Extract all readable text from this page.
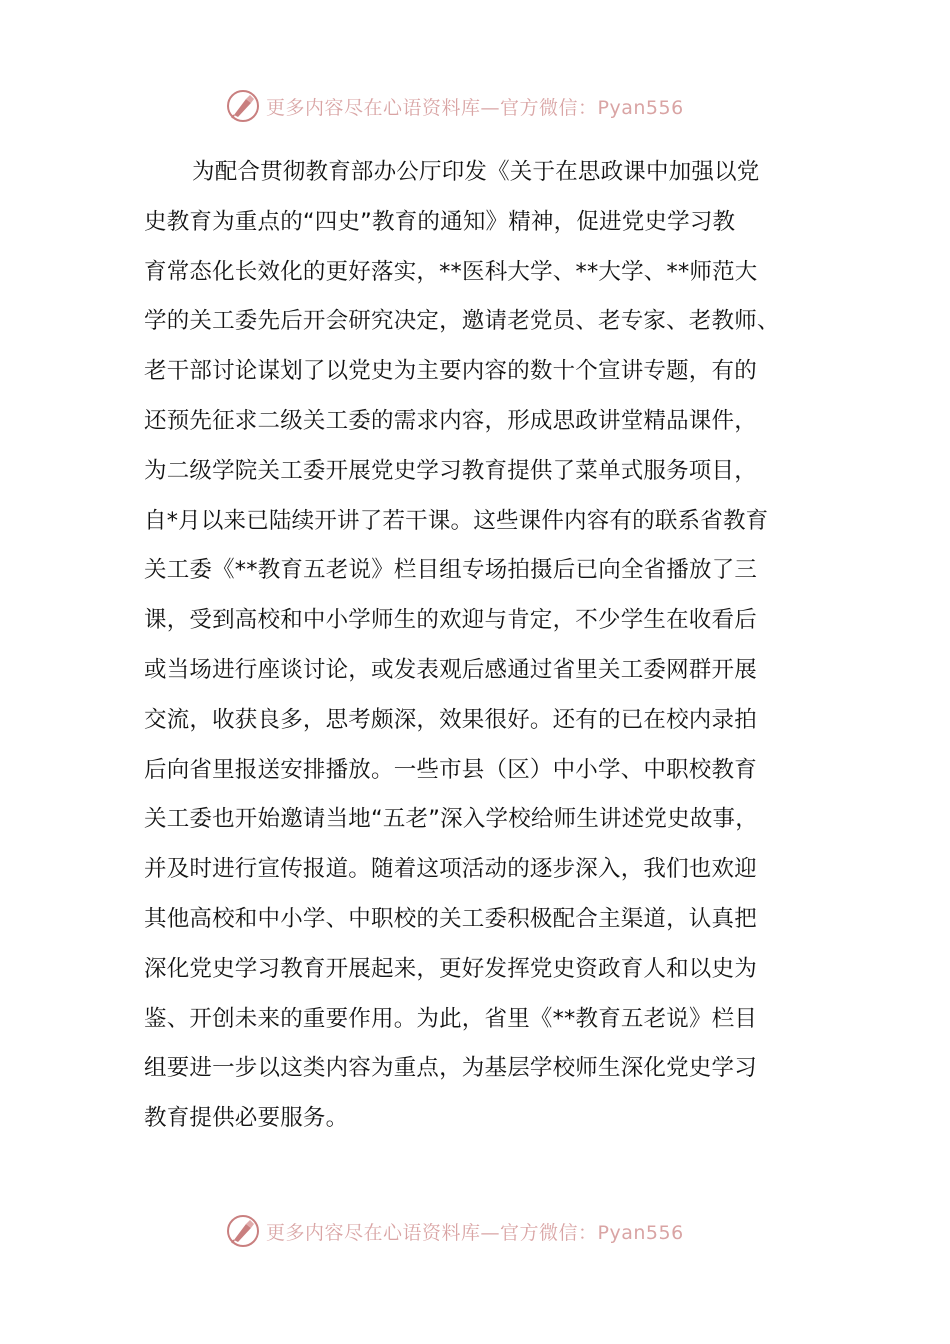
更多内容尽在心语资料库—官方微信：Pyan556
为配合贯彻教育部办公厅印发《关于在思政课中加强以党
史教育为重点的“四史”教育的通知》精神，促进党史学习教
育常态化长效化的更好落实，**医科大学、**大学、**师范大
学的关工委先后开会研究决定，邀请老党员、老专家、老教师、
老干部讨论谋划了以党史为主要内容的数十个宣讲专题，有的
还预先征求二级关工委的需求内容，形成思政讲堂精品课件，
为二级学院关工委开展党史学习教育提供了菜单式服务项目，
自*月以来已陆续开讲了若干课。这些课件内容有的联系省教育
关工委《**教育五老说》栏目组专场拍摄后已向全省播放了三
课，受到高校和中小学师生的欢迎与肯定，不少学生在收看后
或当场进行座谈讨论，或发表观后感通过省里关工委网群开展
交流，收获良多，思考颇深，效果很好。还有的已在校内录拍
后向省里报送安排播放。一些市县（区）中小学、中职校教育
关工委也开始邀请当地“五老”深入学校给师生讲述党史故事，
并及时进行宣传报道。随着这项活动的逐步深入，我们也欢迎
其他高校和中小学、中职校的关工委积极配合主渠道，认真把
深化党史学习教育开展起来，更好发挥党史资政育人和以史为
鉴、开创未来的重要作用。为此，省里《**教育五老说》栏目
组要进一步以这类内容为重点，为基层学校师生深化党史学习
教育提供必要服务。
更多内容尽在心语资料库—官方微信：Pyan556
